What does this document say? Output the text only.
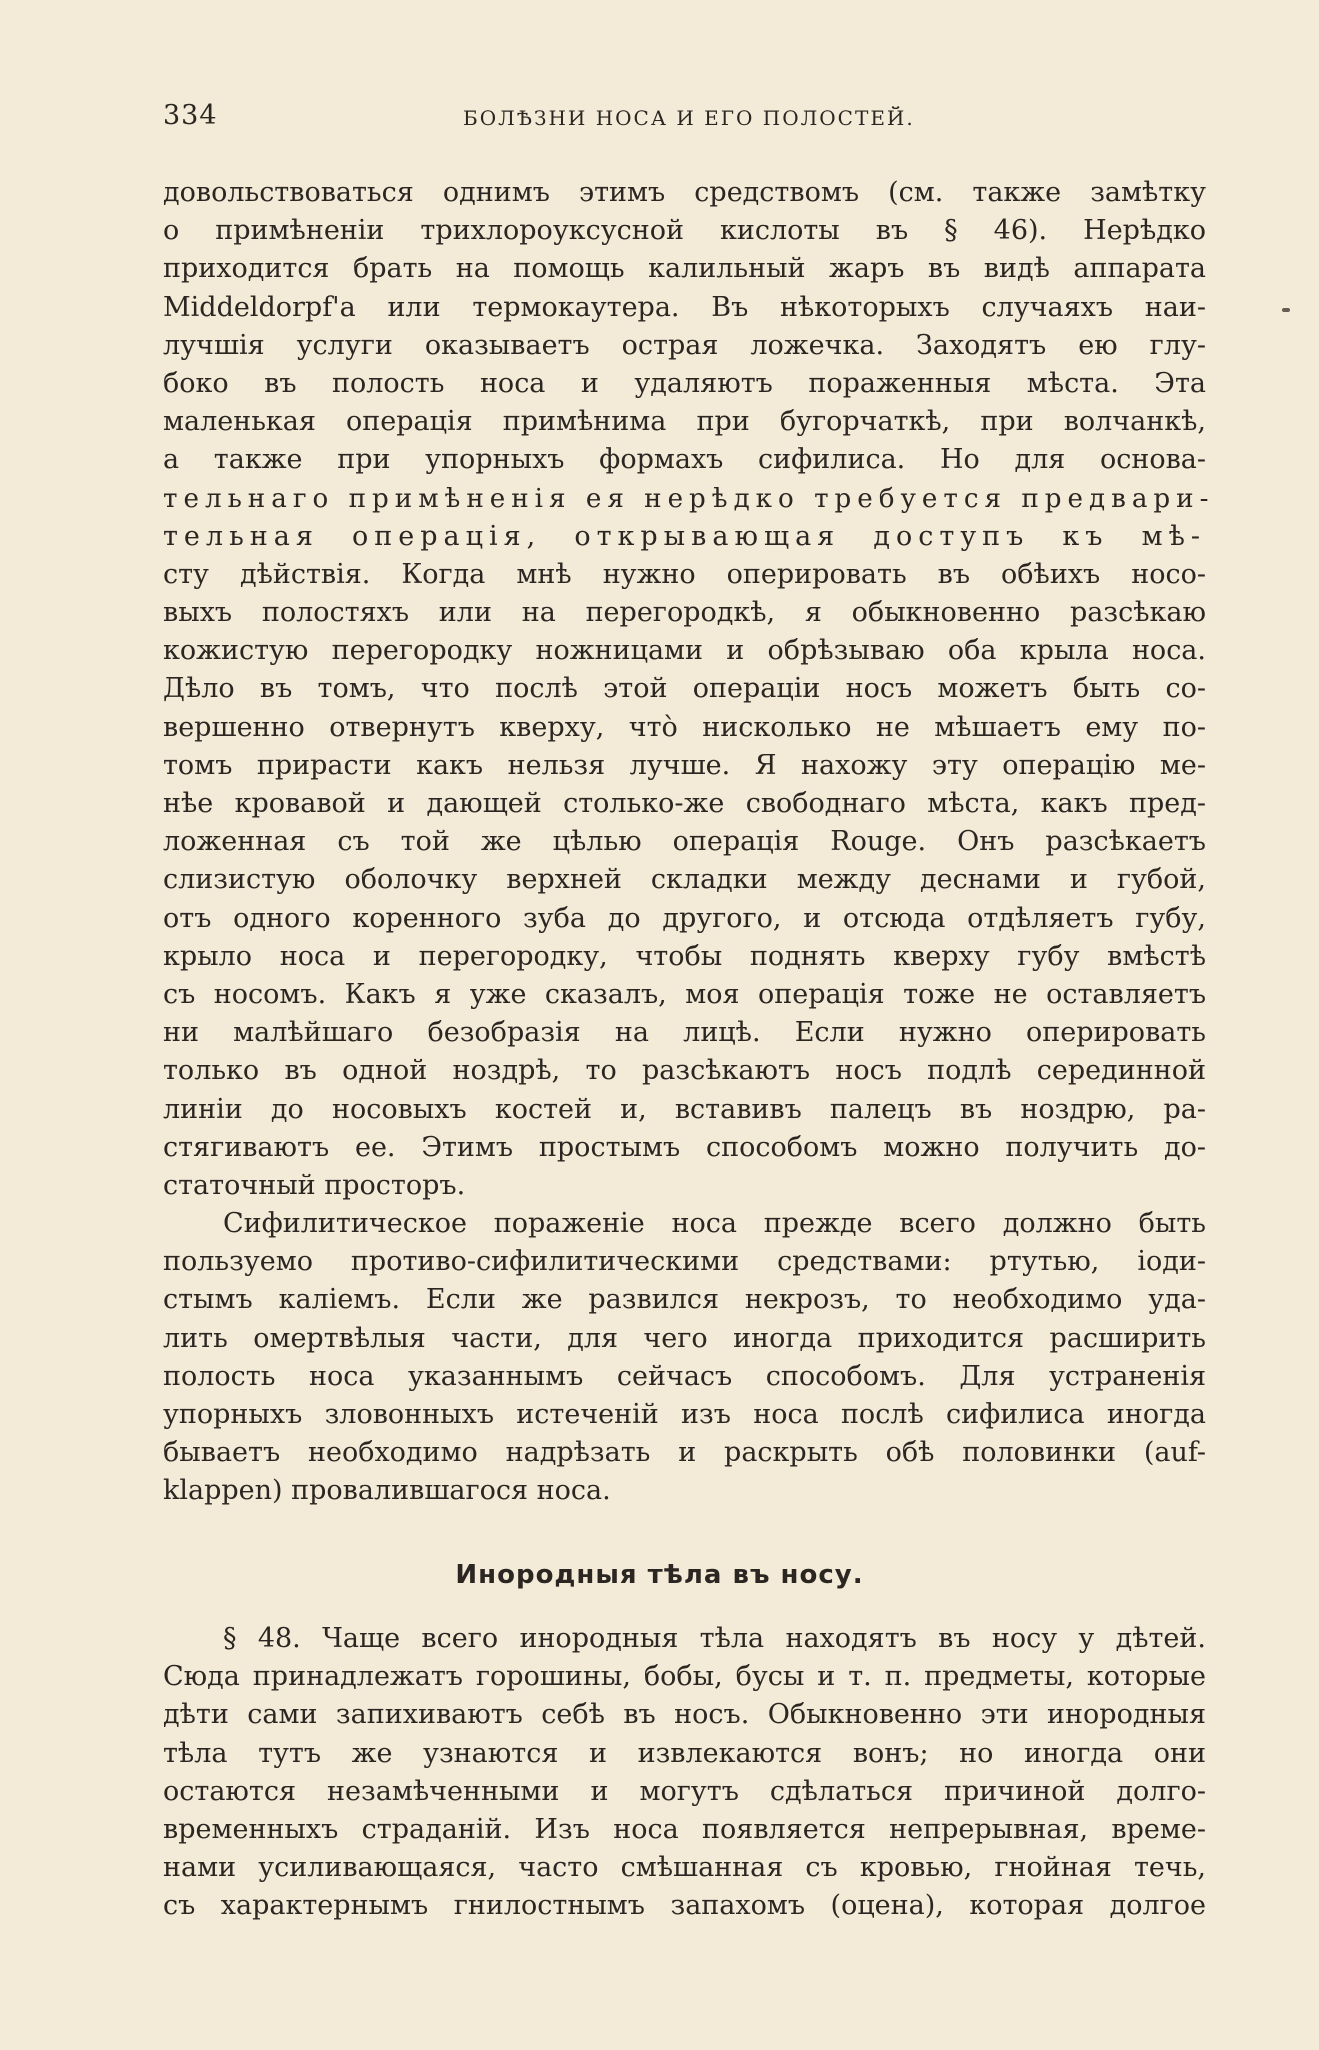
334	БОЛѢЗНИ НОСА И ЕГО ПОЛОСТЕЙ.
довольствоваться однимъ этимъ средствомъ (см. также замѣтку
о примѣненіи трихлороуксусной кислоты въ § 46). Нерѣдко
приходится брать на помощь калильный жаръ въ видѣ аппарата
Middeldorpf'а или термокаутера. Въ нѣкоторыхъ случаяхъ наи-
лучшія услуги оказываетъ острая ложечка. Заходятъ ею глу-
боко въ полость носа и удаляютъ пораженныя мѣста. Эта
маленькая операція примѣнима при бугорчаткѣ, при волчанкѣ,
а также при упорныхъ формахъ сифилиса. Но для основа-
тельнаго примѣненія ея нерѣдко требуется предвари-
тельная операція, открывающая доступъ къ мѣ-
сту дѣйствія. Когда мнѣ нужно оперировать въ обѣихъ носо-
выхъ полостяхъ или на перегородкѣ, я обыкновенно разсѣкаю
кожистую перегородку ножницами и обрѣзываю оба крыла носа.
Дѣло въ томъ, что послѣ этой операціи носъ можетъ быть со-
вершенно отвернутъ кверху, чтò нисколько не мѣшаетъ ему по-
томъ прирасти какъ нельзя лучше. Я нахожу эту операцію ме-
нѣе кровавой и дающей столько-же свободнаго мѣста, какъ пред-
ложенная съ той же цѣлью операція Rouge. Онъ разсѣкаетъ
слизистую оболочку верхней складки между деснами и губой,
отъ одного коренного зуба до другого, и отсюда отдѣляетъ губу,
крыло носа и перегородку, чтобы поднять кверху губу вмѣстѣ
съ носомъ. Какъ я уже сказалъ, моя операція тоже не оставляетъ
ни малѣйшаго безобразія на лицѣ. Если нужно оперировать
только въ одной ноздрѣ, то разсѣкаютъ носъ подлѣ серединной
линіи до носовыхъ костей и, вставивъ палецъ въ ноздрю, ра-
стягиваютъ ее. Этимъ простымъ способомъ можно получить до-
статочный просторъ.
Сифилитическое пораженіе носа прежде всего должно быть
пользуемо противо-сифилитическими средствами: ртутью, іоди-
стымъ каліемъ. Если же развился некрозъ, то необходимо уда-
лить омертвѣлыя части, для чего иногда приходится расширить
полость носа указаннымъ сейчасъ способомъ. Для устраненія
упорныхъ зловонныхъ истеченій изъ носа послѣ сифилиса иногда
бываетъ необходимо надрѣзать и раскрыть обѣ половинки (auf-
klappen) провалившагося носа.
Инородныя тѣла въ носу.
§ 48. Чаще всего инородныя тѣла находятъ въ носу у дѣтей.
Сюда принадлежатъ горошины, бобы, бусы и т. п. предметы, которые
дѣти сами запихиваютъ себѣ въ носъ. Обыкновенно эти инородныя
тѣла тутъ же узнаются и извлекаются вонъ; но иногда они
остаются незамѣченными и могутъ сдѣлаться причиной долго-
временныхъ страданій. Изъ носа появляется непрерывная, време-
нами усиливающаяся, часто смѣшанная съ кровью, гнойная течь,
съ характернымъ гнилостнымъ запахомъ (оцена), которая долгое
